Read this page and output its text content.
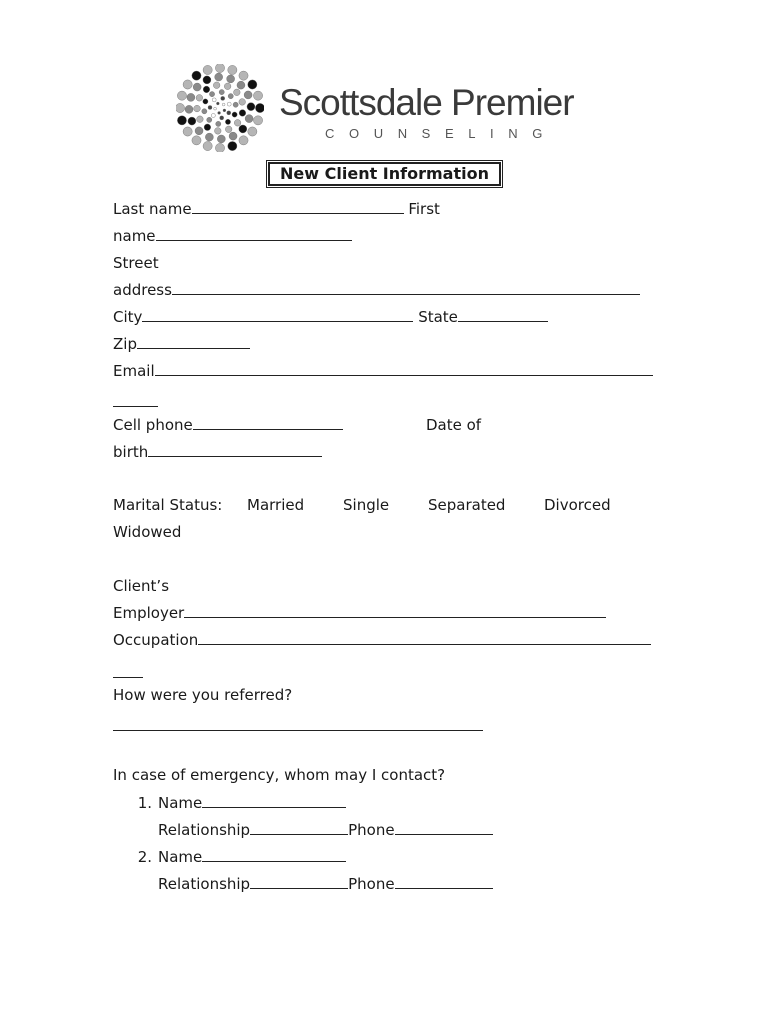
Scottsdale Premier
COUNSELING
New Client Information
Last name	First
name
Street
address
City	State
Zip
Email
Cell phone	Date of
birth
Marital Status: Married	Single	Separated	Divorced
Widowed
Client’s
Employer
Occupation
How were you referred?
In case of emergency, whom may I contact?
1. Name
Relationship	Phone
2. Name
Relationship	Phone
